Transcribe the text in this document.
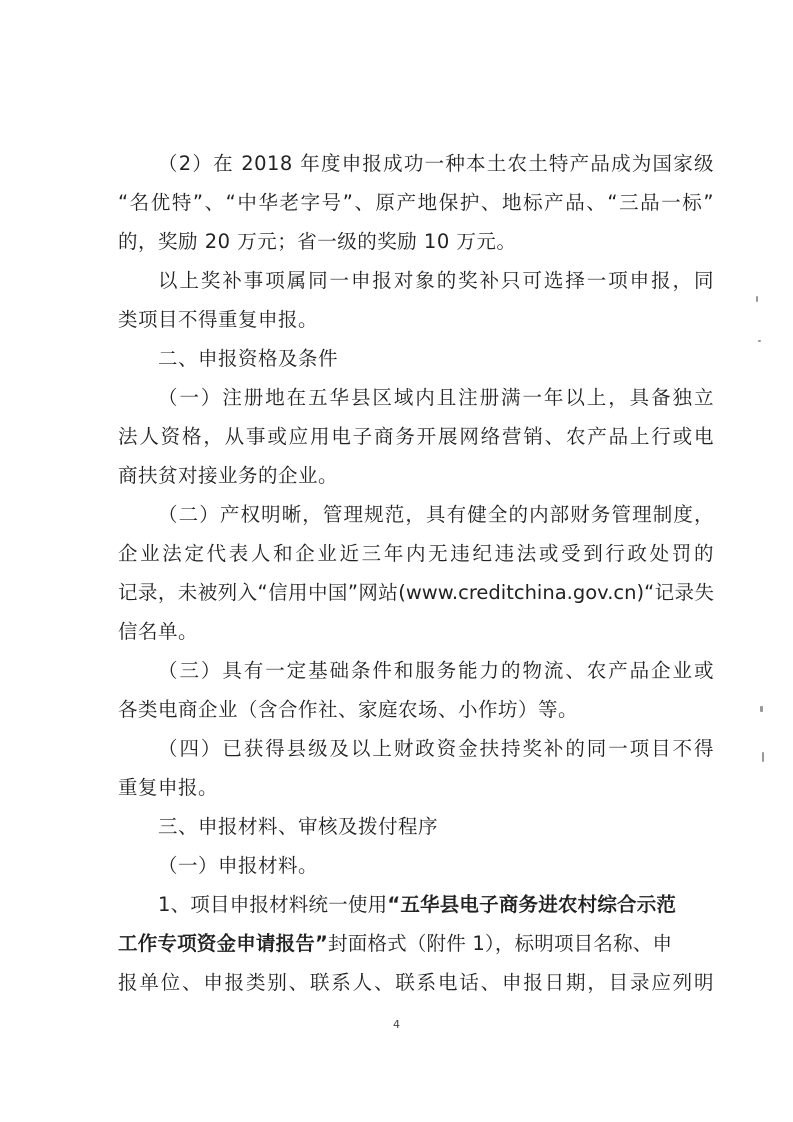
（2）在 2018 年度申报成功一种本土农土特产品成为国家级
“名优特”、“中华老字号”、原产地保护、地标产品、“三品一标”
的，奖励 20 万元；省一级的奖励 10 万元。
以上奖补事项属同一申报对象的奖补只可选择一项申报，同
类项目不得重复申报。
二、申报资格及条件
（一）注册地在五华县区域内且注册满一年以上，具备独立
法人资格，从事或应用电子商务开展网络营销、农产品上行或电
商扶贫对接业务的企业。
（二）产权明晰，管理规范，具有健全的内部财务管理制度，
企业法定代表人和企业近三年内无违纪违法或受到行政处罚的
记录，未被列入“信用中国”网站(www.creditchina.gov.cn)“记录失
信名单。
（三）具有一定基础条件和服务能力的物流、农产品企业或
各类电商企业（含合作社、家庭农场、小作坊）等。
（四）已获得县级及以上财政资金扶持奖补的同一项目不得
重复申报。
三、申报材料、审核及拨付程序
（一）申报材料。
1、项目申报材料统一使用“五华县电子商务进农村综合示范
工作专项资金申请报告”封面格式（附件 1），标明项目名称、申
报单位、申报类别、联系人、联系电话、申报日期，目录应列明
4
